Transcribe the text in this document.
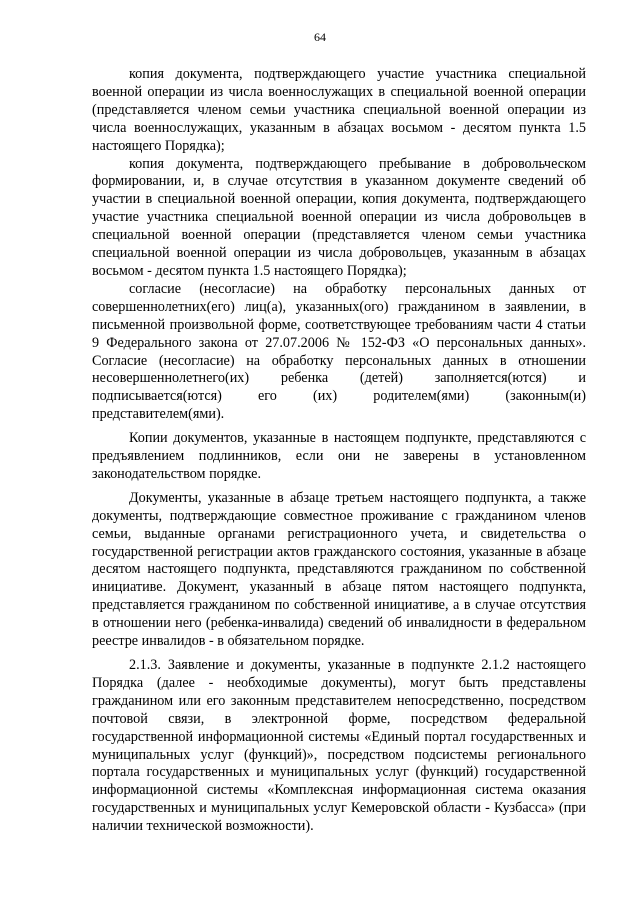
64

копия документа, подтверждающего участие участника специальной военной операции из числа военнослужащих в специальной военной операции (представляется членом семьи участника специальной военной операции из числа военнослужащих, указанным в абзацах восьмом - десятом пункта 1.5 настоящего Порядка);

копия документа, подтверждающего пребывание в добровольческом формировании, и, в случае отсутствия в указанном документе сведений об участии в специальной военной операции, копия документа, подтверждающего участие участника специальной военной операции из числа добровольцев в специальной военной операции (представляется членом семьи участника специальной военной операции из числа добровольцев, указанным в абзацах восьмом - десятом пункта 1.5 настоящего Порядка);

согласие (несогласие) на обработку персональных данных от совершеннолетних(его) лиц(а), указанных(ого) гражданином в заявлении, в письменной произвольной форме, соответствующее требованиям части 4 статьи 9 Федерального закона от 27.07.2006 № 152-ФЗ «О персональных данных». Согласие (несогласие) на обработку персональных данных в отношении несовершеннолетнего(их) ребенка (детей) заполняется(ются) и подписывается(ются) его (их) родителем(ями) (законным(и) представителем(ями).

Копии документов, указанные в настоящем подпункте, представляются с предъявлением подлинников, если они не заверены в установленном законодательством порядке.

Документы, указанные в абзаце третьем настоящего подпункта, а также документы, подтверждающие совместное проживание с гражданином членов семьи, выданные органами регистрационного учета, и свидетельства о государственной регистрации актов гражданского состояния, указанные в абзаце десятом настоящего подпункта, представляются гражданином по собственной инициативе. Документ, указанный в абзаце пятом настоящего подпункта, представляется гражданином по собственной инициативе, а в случае отсутствия в отношении него (ребенка-инвалида) сведений об инвалидности в федеральном реестре инвалидов - в обязательном порядке.

2.1.3. Заявление и документы, указанные в подпункте 2.1.2 настоящего Порядка (далее - необходимые документы), могут быть представлены гражданином или его законным представителем непосредственно, посредством почтовой связи, в электронной форме, посредством федеральной государственной информационной системы «Единый портал государственных и муниципальных услуг (функций)», посредством подсистемы регионального портала государственных и муниципальных услуг (функций) государственной информационной системы «Комплексная информационная система оказания государственных и муниципальных услуг Кемеровской области - Кузбасса» (при наличии технической возможности).
